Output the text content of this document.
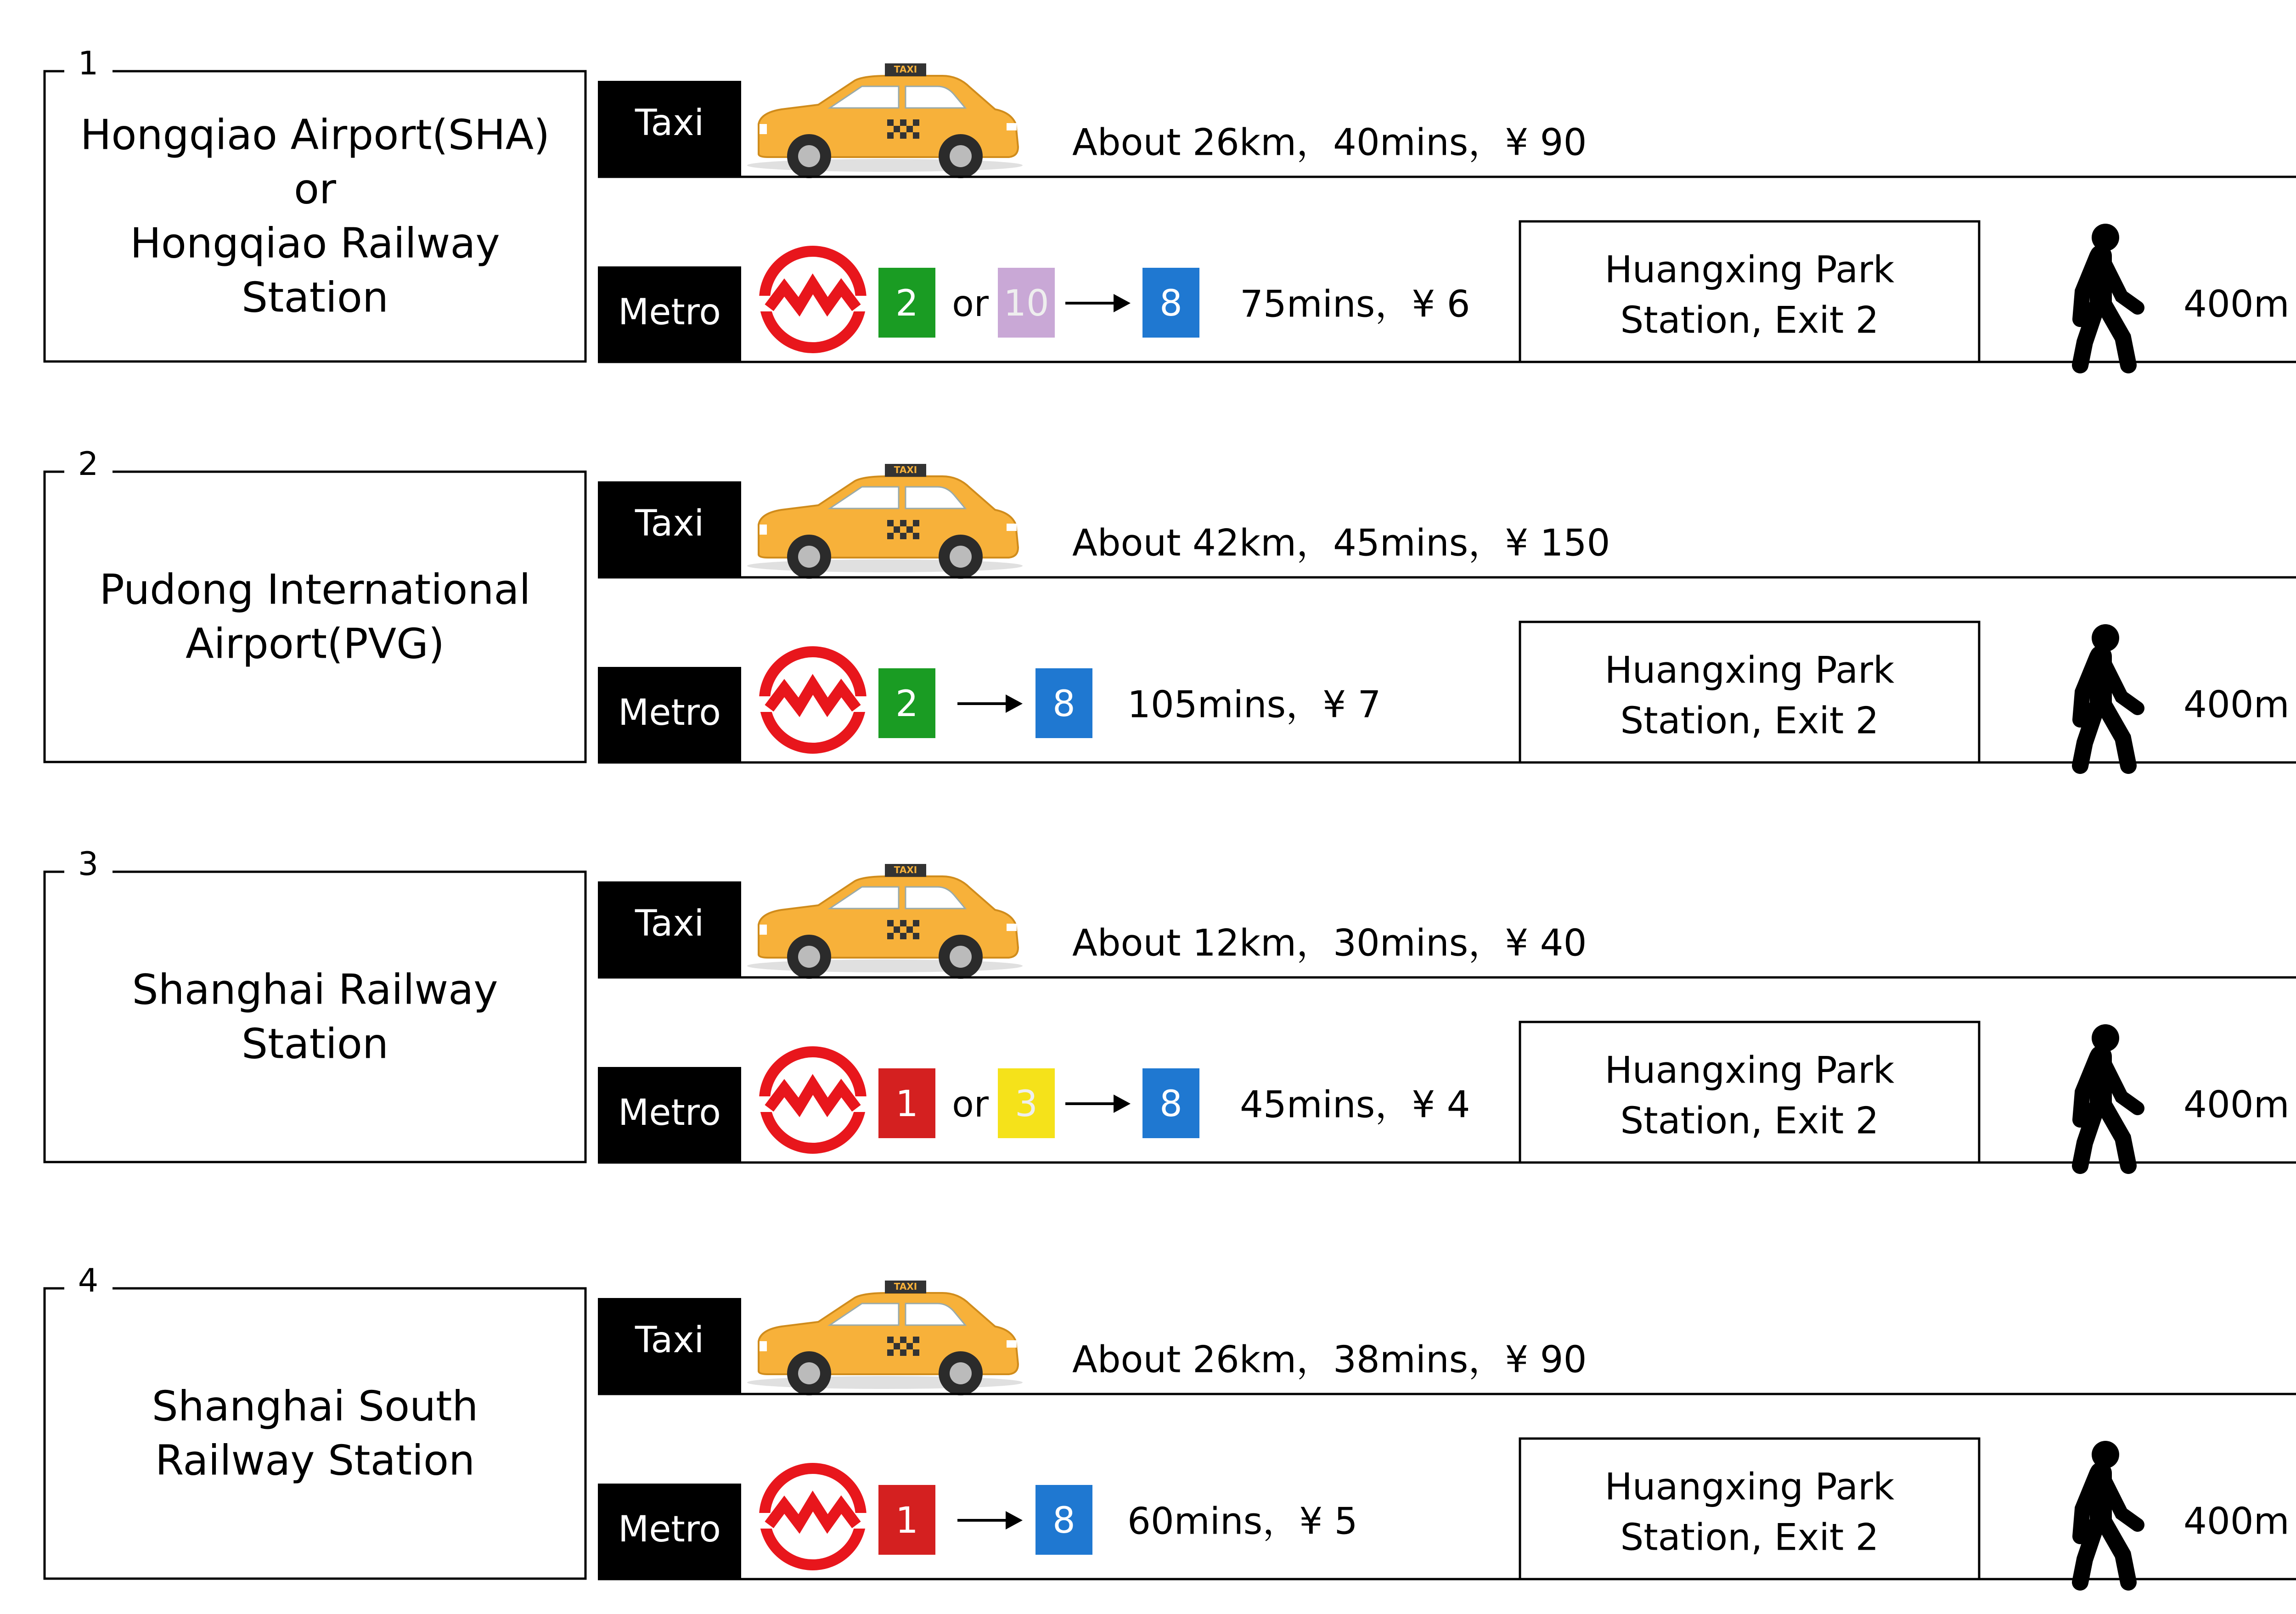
1
Hongqiao Airport(SHA)
or
Hongqiao Railway
Station
Taxi
TAXI
About 26km，40mins，¥ 90
Metro	2 or 10	8 75mins，¥ 6
Huangxing Park
Station, Exit 2	400m
2
Pudong International
Airport(PVG)
Taxi
TAXI
About 42km，45mins，¥ 150
Metro	2	8 105mins，¥ 7
Huangxing Park
Station, Exit 2	400m
3
Shanghai Railway
Station
Taxi
TAXI
About 12km，30mins，¥ 40
Metro	1 or 3	8 45mins，¥ 4
Huangxing Park
Station, Exit 2	400m
4
Shanghai South
Railway Station
Taxi
TAXI
About 26km，38mins，¥ 90
Metro	1	8 60mins，¥ 5
Huangxing Park
Station, Exit 2	400m
